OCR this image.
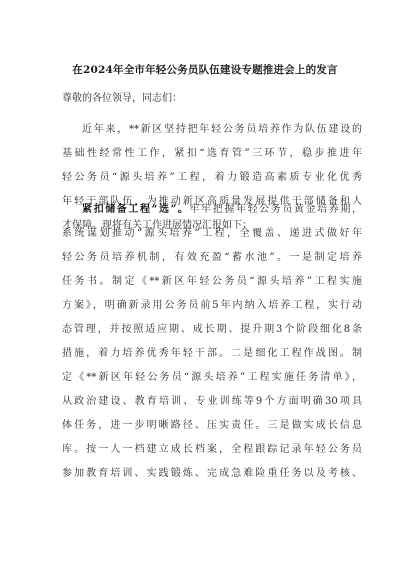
在2024年全市年轻公务员队伍建设专题推进会上的发言
尊敬的各位领导，同志们：
近年来，**新区坚持把年轻公务员培养作为队伍建设的
基础性经常性工作，紧扣“选育管”三环节，稳步推进年
轻公务员“源头培养”工程，着力锻造高素质专业化优秀
年轻干部队伍，为推动新区高质量发展提供干部储备和人
才保障。现将有关工作进展情况汇报如下：
紧扣储备工程“选”。牢牢把握年轻公务员黄金培养期，
系统谋划推动“源头培养”工程，全覆盖、递进式做好年
轻公务员培养机制，有效充盈“蓄水池”。一是制定培养
任务书。制定《**新区年轻公务员“源头培养”工程实施
方案》，明确新录用公务员前5年内纳入培养工程，实行动
态管理，并按照适应期、成长期、提升期3个阶段细化8条
措施，着力培养优秀年轻干部。二是细化工程作战图。制
定《**新区年轻公务员“源头培养”工程实施任务清单》，
从政治建设、教育培训、专业训练等9个方面明确30项具
体任务，进一步明晰路径、压实责任。三是做实成长信息
库。按一人一档建立成长档案，全程跟踪记录年轻公务员
参加教育培训、实践锻炼、完成急难险重任务以及考核、
